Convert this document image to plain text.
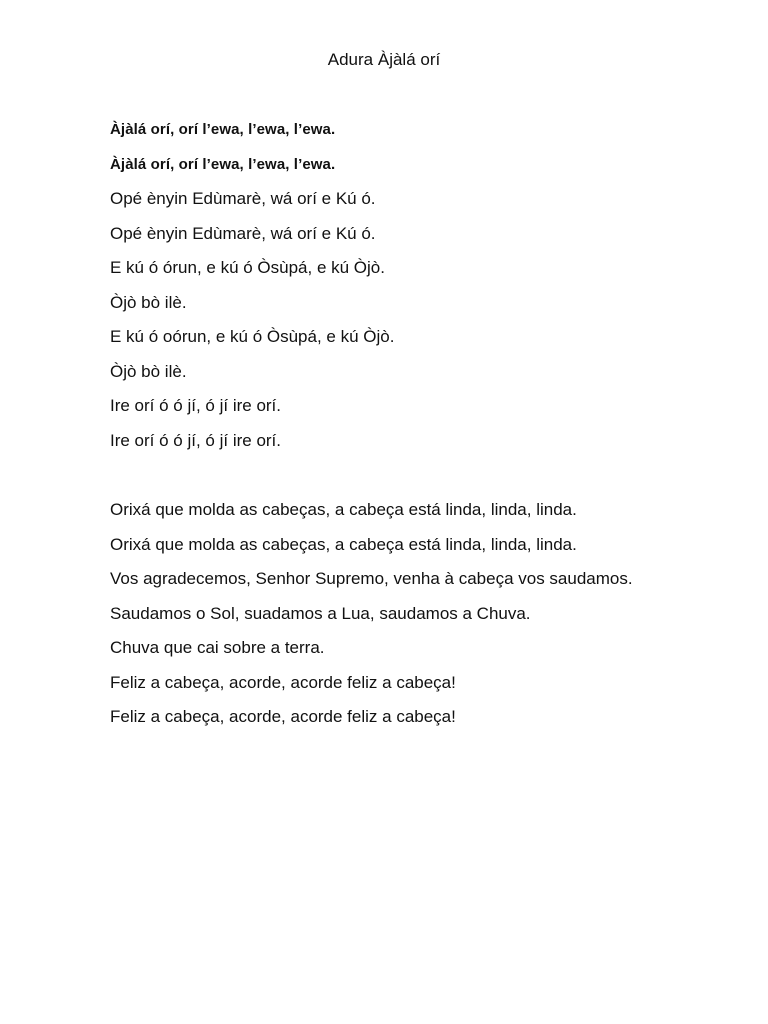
Adura Àjàlá orí

Àjàlá orí, orí l’ewa, l’ewa, l’ewa.

Àjàlá orí, orí l’ewa, l’ewa, l’ewa.

Opé ènyin Edùmarè, wá orí e Kú ó.

Opé ènyin Edùmarè, wá orí e Kú ó.

E kú ó órun, e kú ó Òsùpá, e kú Òjò.

Òjò bò ilè.

E kú ó oórun, e kú ó Òsùpá, e kú Òjò.

Òjò bò ilè.

Ire orí ó ó jí, ó jí ire orí.

Ire orí ó ó jí, ó jí ire orí.

Orixá que molda as cabeças, a cabeça está linda, linda, linda.

Orixá que molda as cabeças, a cabeça está linda, linda, linda.

Vos agradecemos, Senhor Supremo, venha à cabeça vos saudamos.

Saudamos o Sol, suadamos a Lua, saudamos a Chuva.

Chuva que cai sobre a terra.

Feliz a cabeça, acorde, acorde feliz a cabeça!

Feliz a cabeça, acorde, acorde feliz a cabeça!
